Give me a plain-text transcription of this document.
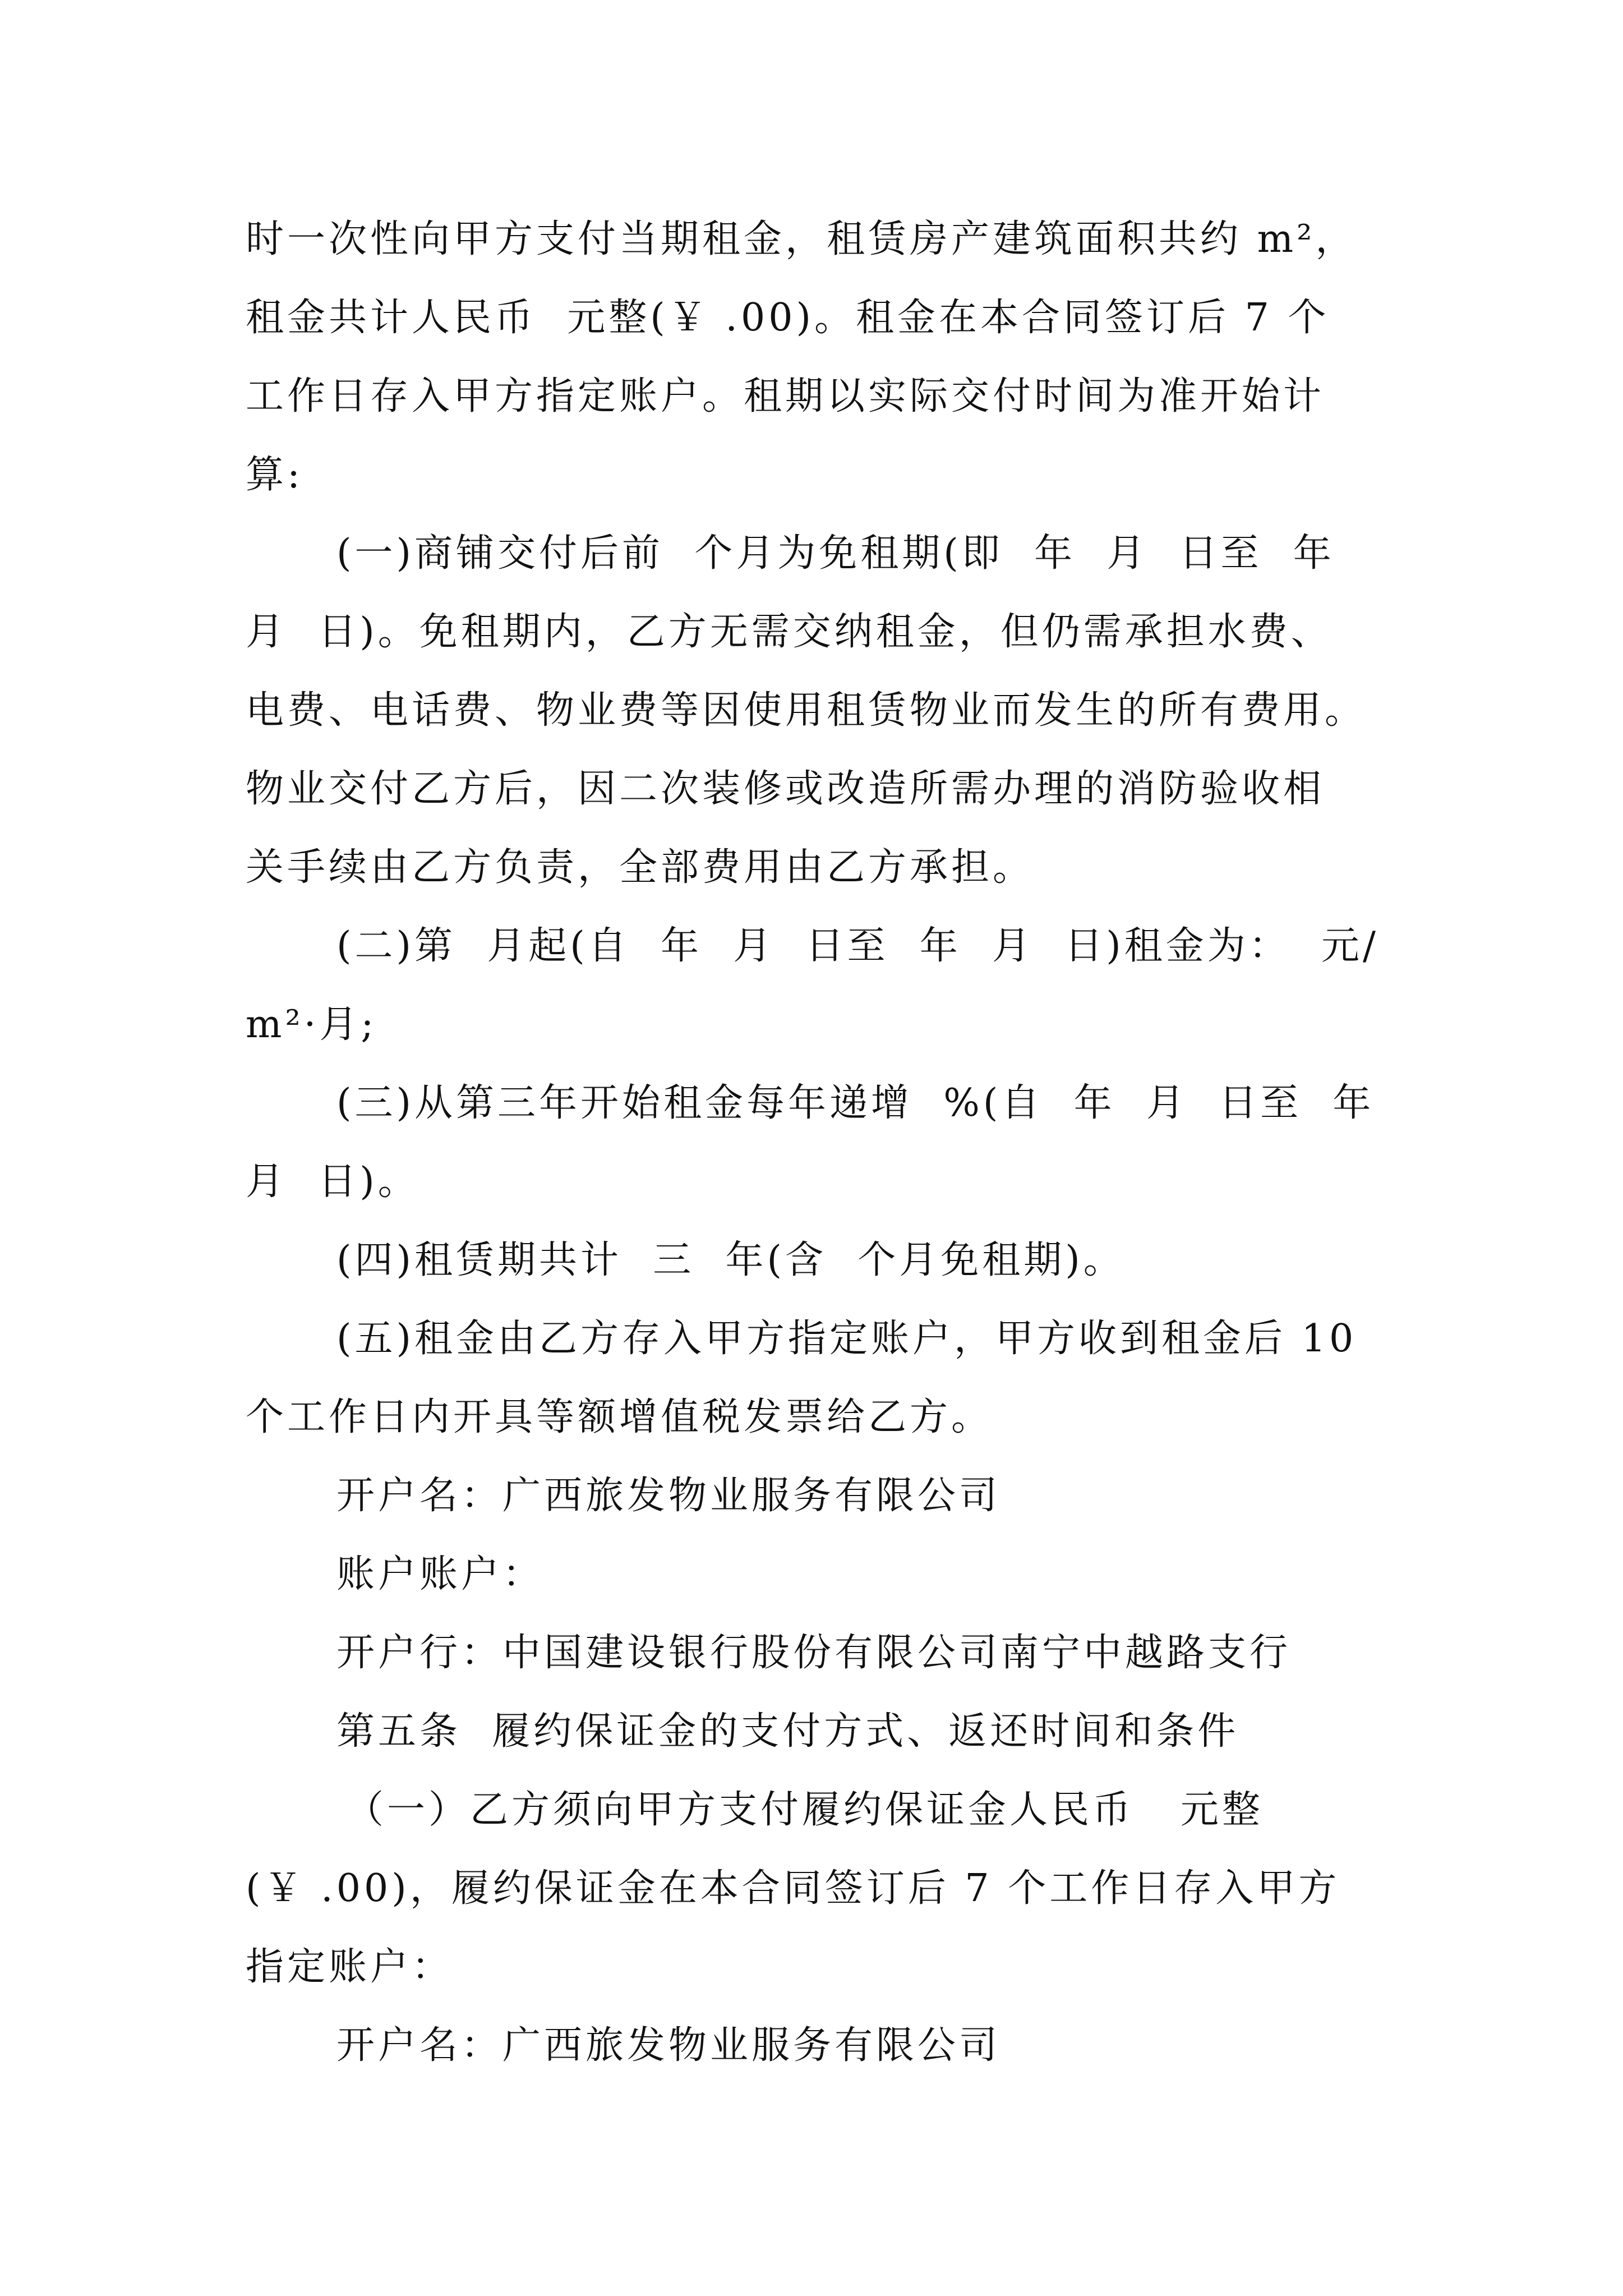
时一次性向甲方支付当期租金，租赁房产建筑面积共约 m²，
租金共计人民币  元整(￥ .00)。租金在本合同签订后 7 个
工作日存入甲方指定账户。租期以实际交付时间为准开始计
算:
(一)商铺交付后前  个月为免租期(即  年  月  日至  年
月  日)。免租期内，乙方无需交纳租金，但仍需承担水费、
电费、电话费、物业费等因使用租赁物业而发生的所有费用。
物业交付乙方后，因二次装修或改造所需办理的消防验收相
关手续由乙方负责，全部费用由乙方承担。
(二)第  月起(自  年  月  日至  年  月  日)租金为：  元/
m²·月;
(三)从第三年开始租金每年递增  %(自  年  月  日至  年
月  日)。
(四)租赁期共计  三  年(含  个月免租期)。
(五)租金由乙方存入甲方指定账户，甲方收到租金后 10
个工作日内开具等额增值税发票给乙方。
开户名：广西旅发物业服务有限公司
账户账户：
开户行：中国建设银行股份有限公司南宁中越路支行
第五条  履约保证金的支付方式、返还时间和条件
（一）乙方须向甲方支付履约保证金人民币   元整
(￥ .00)，履约保证金在本合同签订后 7 个工作日存入甲方
指定账户：
开户名：广西旅发物业服务有限公司
